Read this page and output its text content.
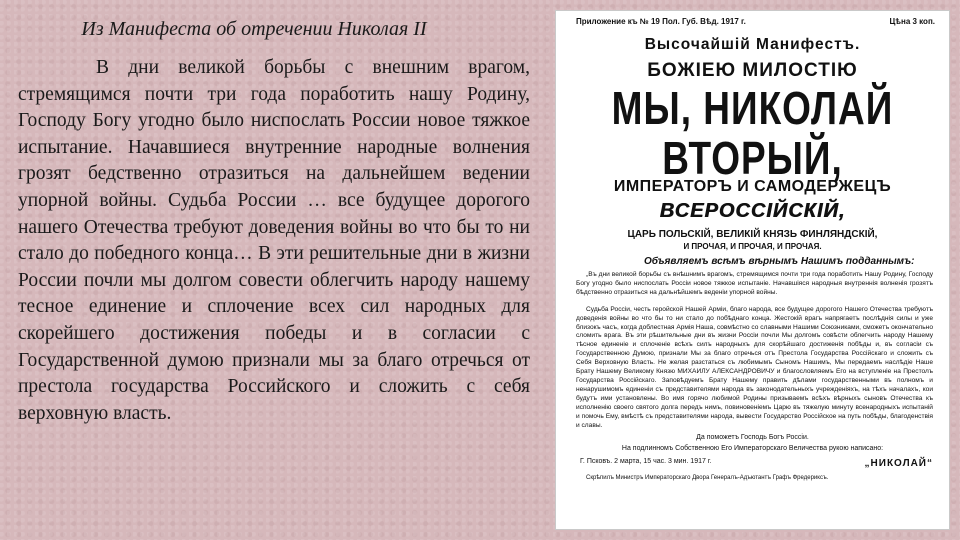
Из Манифеста об отречении Николая II

В дни великой борьбы с внешним врагом, стремящимся почти три года поработить нашу Родину, Господу Богу угодно было ниспослать России новое тяжкое испытание. Начавшиеся внутренние народные волнения грозят бедственно отразиться на дальнейшем ведении упорной войны. Судьба России … все будущее дорогого нашего Отечества требуют доведения войны во что бы то ни стало до победного конца… В эти решительные дни в жизни России почли мы долгом совести облегчить народу нашему тесное единение и сплочение всех сил народных для скорейшего достижения победы и в согласии с Государственной думою признали мы за благо отречься от престола государства Российского и сложить с себя верховную власть.

Приложение къ № 19 Пол. Губ. Вѣд. 1917 г.	Цѣна 3 коп.
Высочайшій Манифестъ.
БОЖІЕЮ МИЛОСТІЮ
МЫ, НИКОЛАЙ ВТОРЫЙ,
ИМПЕРАТОРЪ И САМОДЕРЖЕЦЪ
ВСЕРОССІЙСКІЙ,
ЦАРЬ ПОЛЬСКІЙ, ВЕЛИКІЙ КНЯЗЬ ФИНЛЯНДСКІЙ,
И ПРОЧАЯ, И ПРОЧАЯ, И ПРОЧАЯ.
Объявляемъ всѣмъ вѣрнымъ Нашимъ подданнымъ:
„Въ дни великой борьбы съ внѣшнимъ врагомъ, стремящимся почти три года поработить Нашу Родину, Господу Богу угодно было ниспослать Россіи новое тяжкое испытаніе. Начавшіяся народныя внутреннія волненія грозятъ бѣдственно отразиться на дальнѣйшемъ веденіи упорной войны.
Судьба Россіи, честь геройской Нашей Арміи, благо народа, все будущее дорогого Нашего Отечества требуютъ доведенія войны во что бы то ни стало до побѣднаго конца. Жестокій врагъ напрягаетъ послѣднія силы и уже близокъ часъ, когда доблестная Армія Наша, совмѣстно со славными Нашими Союзниками, сможетъ окончательно сломить врага. Въ эти рѣшительные дни въ жизни Россіи почли Мы долгомъ совѣсти облегчить народу Нашему тѣсное единеніе и сплоченіе всѣхъ силъ народныхъ для скорѣйшаго достиженія побѣды и, въ согласіи съ Государственною Думою, признали Мы за благо отречься отъ Престола Государства Россійскаго и сложить съ Себя Верховную Власть. Не желая разстаться съ любимымъ Сыномъ Нашимъ, Мы передаемъ наслѣдіе Наше Брату Нашему Великому Князю МИХАИЛУ АЛЕКСАНДРОВИЧУ и благословляемъ Его на вступленіе на Престолъ Государства Россійскаго. Заповѣдуемъ Брату Нашему править дѣлами государственными въ полномъ и ненарушимомъ единеніи съ представителями народа въ законодательныхъ учрежденіяхъ, на тѣхъ началахъ, кои будутъ ими установлены. Во имя горячо любимой Родины призываемъ всѣхъ вѣрныхъ сыновъ Отечества къ исполненію своего святого долга передъ нимъ, повиновеніемъ Царю въ тяжелую минуту всенародныхъ испытаній и помочь Ему, вмѣстѣ съ представителями народа, вывести Государство Россійское на путь побѣды, благоденствія и славы.
Да поможетъ Господь Богъ Россіи.
На подлинномъ Собственною Его Императорскаго Величества рукою написано:
Г. Псковъ. 2 марта, 15 час. 3 мин. 1917 г.	„НИКОЛАЙ“
Скрѣпилъ Министръ Императорскаго Двора Генералъ-Адъютантъ Графъ Фредериксъ.
